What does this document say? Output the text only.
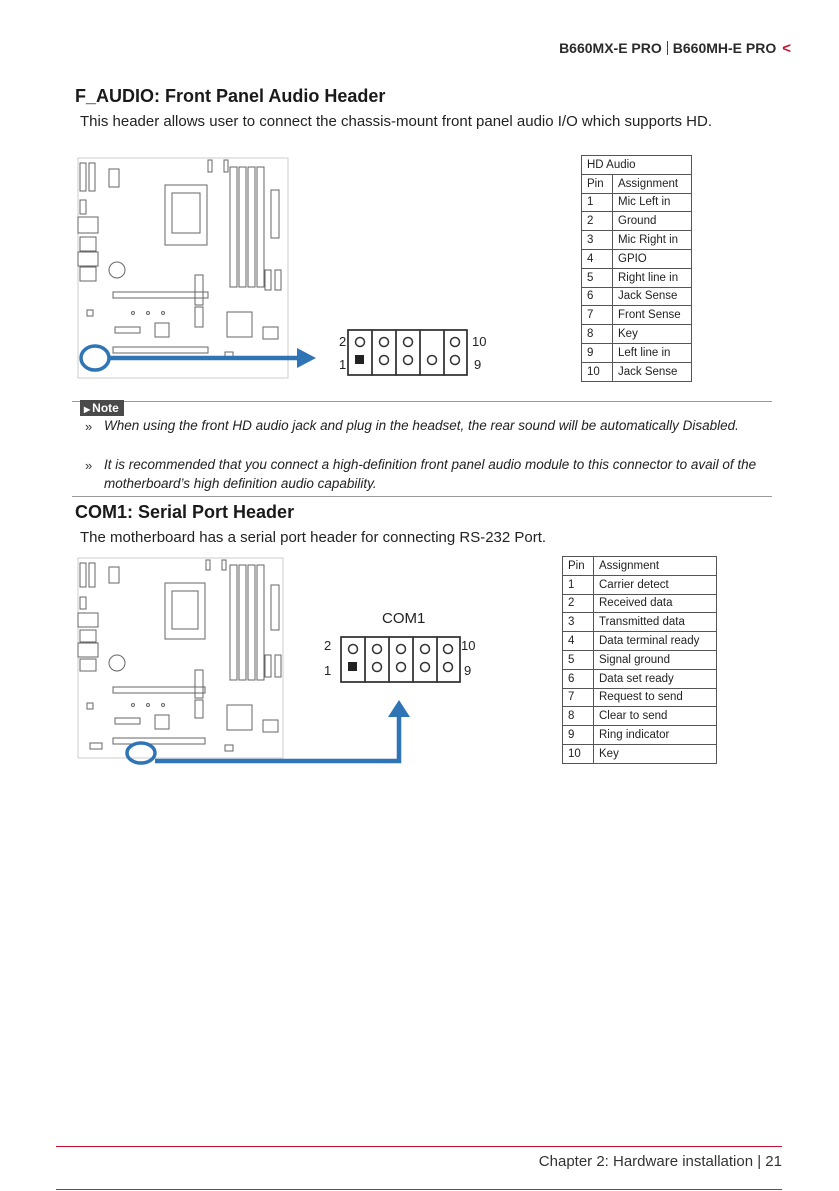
B660MX-E PRO B660MH-E PRO <
F_AUDIO: Front Panel Audio Header
This header allows user to connect the chassis-mount front panel audio I/O which supports HD.
2
1
10
9
HD Audio	
Pin	Assignment
1	Mic Left in
2	Ground
3	Mic Right in
4	GPIO
5	Right line in
6	Jack Sense
7	Front Sense
8	Key
9	Left line in
10	Jack Sense
▶ Note
» When using the front HD audio jack and plug in the headset, the rear sound will be automatically Disabled.
» It is recommended that you connect a high-definition front panel audio module to this connector to avail of the motherboard’s high definition audio capability.
COM1: Serial Port Header
The motherboard has a serial port header for connecting RS-232 Port.
COM1
2
1
10
9
Pin	Assignment
1	Carrier detect
2	Received data
3	Transmitted data
4	Data terminal ready
5	Signal ground
6	Data set ready
7	Request to send
8	Clear to send
9	Ring indicator
10	Key
Chapter 2: Hardware installation | 21
